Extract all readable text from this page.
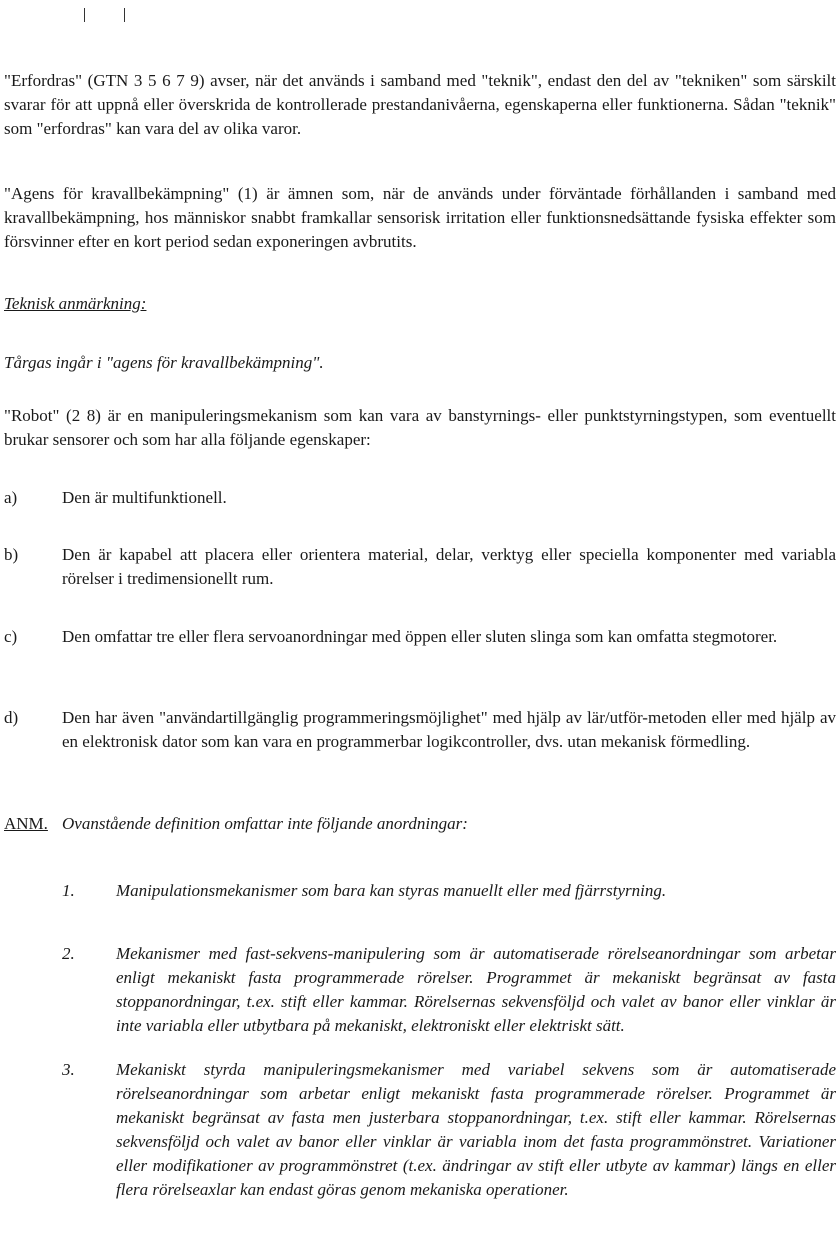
"Erfordras" (GTN 3 5 6 7 9) avser, när det används i samband med "teknik", endast den del av "tekniken" som särskilt svarar för att uppnå eller överskrida de kontrollerade prestandanivåerna, egenskaperna eller funktionerna. Sådan "teknik" som "erfordras" kan vara del av olika varor.

"Agens för kravallbekämpning" (1) är ämnen som, när de används under förväntade förhållanden i samband med kravallbekämpning, hos människor snabbt framkallar sensorisk irritation eller funktionsnedsättande fysiska effekter som försvinner efter en kort period sedan exponeringen avbrutits.

Teknisk anmärkning:

Tårgas ingår i "agens för kravallbekämpning".

"Robot" (2 8) är en manipuleringsmekanism som kan vara av banstyrnings- eller punktstyrningstypen, som eventuellt brukar sensorer och som har alla följande egenskaper:

a)	Den är multifunktionell.
b)	Den är kapabel att placera eller orientera material, delar, verktyg eller speciella komponenter med variabla rörelser i tredimensionellt rum.
c)	Den omfattar tre eller flera servoanordningar med öppen eller sluten slinga som kan omfatta stegmotorer.
d)	Den har även "användartillgänglig programmeringsmöjlighet" med hjälp av lär/utför-metoden eller med hjälp av en elektronisk dator som kan vara en programmerbar logikcontroller, dvs. utan mekanisk förmedling.
ANM. Ovanstående definition omfattar inte följande anordningar:
1. Manipulationsmekanismer som bara kan styras manuellt eller med fjärrstyrning.
2. Mekanismer med fast-sekvens-manipulering som är automatiserade rörelseanordningar som arbetar enligt mekaniskt fasta programmerade rörelser. Programmet är mekaniskt begränsat av fasta stoppanordningar, t.ex. stift eller kammar. Rörelsernas sekvensföljd och valet av banor eller vinklar är inte variabla eller utbytbara på mekaniskt, elektroniskt eller elektriskt sätt.
3. Mekaniskt styrda manipuleringsmekanismer med variabel sekvens som är automatiserade rörelseanordningar som arbetar enligt mekaniskt fasta programmerade rörelser. Programmet är mekaniskt begränsat av fasta men justerbara stoppanordningar, t.ex. stift eller kammar. Rörelsernas sekvensföljd och valet av banor eller vinklar är variabla inom det fasta programmönstret. Variationer eller modifikationer av programmönstret (t.ex. ändringar av stift eller utbyte av kammar) längs en eller flera rörelseaxlar kan endast göras genom mekaniska operationer.
